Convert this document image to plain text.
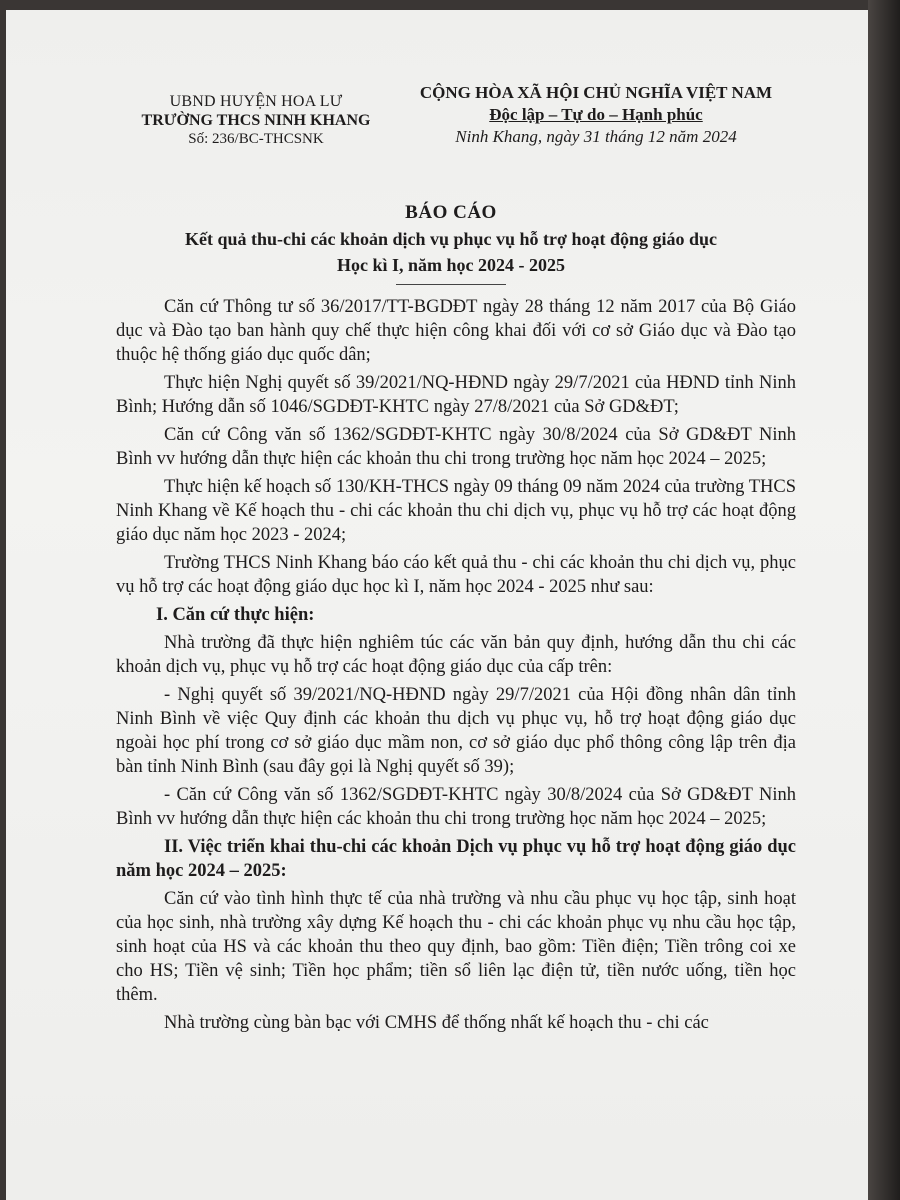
UBND HUYỆN HOA LƯ
TRƯỜNG THCS NINH KHANG
Số: 236/BC-THCSNK
CỘNG HÒA XÃ HỘI CHỦ NGHĨA VIỆT NAM
Độc lập – Tự do – Hạnh phúc
Ninh Khang, ngày 31 tháng 12 năm 2024
BÁO CÁO
Kết quả thu-chi các khoản dịch vụ phục vụ hỗ trợ hoạt động giáo dục
Học kì I, năm học 2024 - 2025

Căn cứ Thông tư số 36/2017/TT-BGDĐT ngày 28 tháng 12 năm 2017 của Bộ Giáo dục và Đào tạo ban hành quy chế thực hiện công khai đối với cơ sở Giáo dục và Đào tạo thuộc hệ thống giáo dục quốc dân;

Thực hiện Nghị quyết số 39/2021/NQ-HĐND ngày 29/7/2021 của HĐND tỉnh Ninh Bình; Hướng dẫn số 1046/SGDĐT-KHTC ngày 27/8/2021 của Sở GD&ĐT;

Căn cứ Công văn số 1362/SGDĐT-KHTC ngày 30/8/2024 của Sở GD&ĐT Ninh Bình vv hướng dẫn thực hiện các khoản thu chi trong trường học năm học 2024 – 2025;

Thực hiện kế hoạch số 130/KH-THCS ngày 09 tháng 09 năm 2024 của trường THCS Ninh Khang về Kế hoạch thu - chi các khoản thu chi dịch vụ, phục vụ hỗ trợ các hoạt động giáo dục năm học 2023 - 2024;

Trường THCS Ninh Khang báo cáo kết quả thu - chi các khoản thu chi dịch vụ, phục vụ hỗ trợ các hoạt động giáo dục học kì I, năm học 2024 - 2025 như sau:

I. Căn cứ thực hiện:

Nhà trường đã thực hiện nghiêm túc các văn bản quy định, hướng dẫn thu chi các khoản dịch vụ, phục vụ hỗ trợ các hoạt động giáo dục của cấp trên:

- Nghị quyết số 39/2021/NQ-HĐND ngày 29/7/2021 của Hội đồng nhân dân tỉnh Ninh Bình về việc Quy định các khoản thu dịch vụ phục vụ, hỗ trợ hoạt động giáo dục ngoài học phí trong cơ sở giáo dục mầm non, cơ sở giáo dục phổ thông công lập trên địa bàn tỉnh Ninh Bình (sau đây gọi là Nghị quyết số 39);

- Căn cứ Công văn số 1362/SGDĐT-KHTC ngày 30/8/2024 của Sở GD&ĐT Ninh Bình vv hướng dẫn thực hiện các khoản thu chi trong trường học năm học 2024 – 2025;

II. Việc triển khai thu-chi các khoản Dịch vụ phục vụ hỗ trợ hoạt động giáo dục năm học 2024 – 2025:

Căn cứ vào tình hình thực tế của nhà trường và nhu cầu phục vụ học tập, sinh hoạt của học sinh, nhà trường xây dựng Kế hoạch thu - chi các khoản phục vụ nhu cầu học tập, sinh hoạt của HS và các khoản thu theo quy định, bao gồm: Tiền điện; Tiền trông coi xe cho HS; Tiền vệ sinh; Tiền học phẩm; tiền sổ liên lạc điện tử, tiền nước uống, tiền học thêm.

Nhà trường cùng bàn bạc với CMHS để thống nhất kế hoạch thu - chi các
